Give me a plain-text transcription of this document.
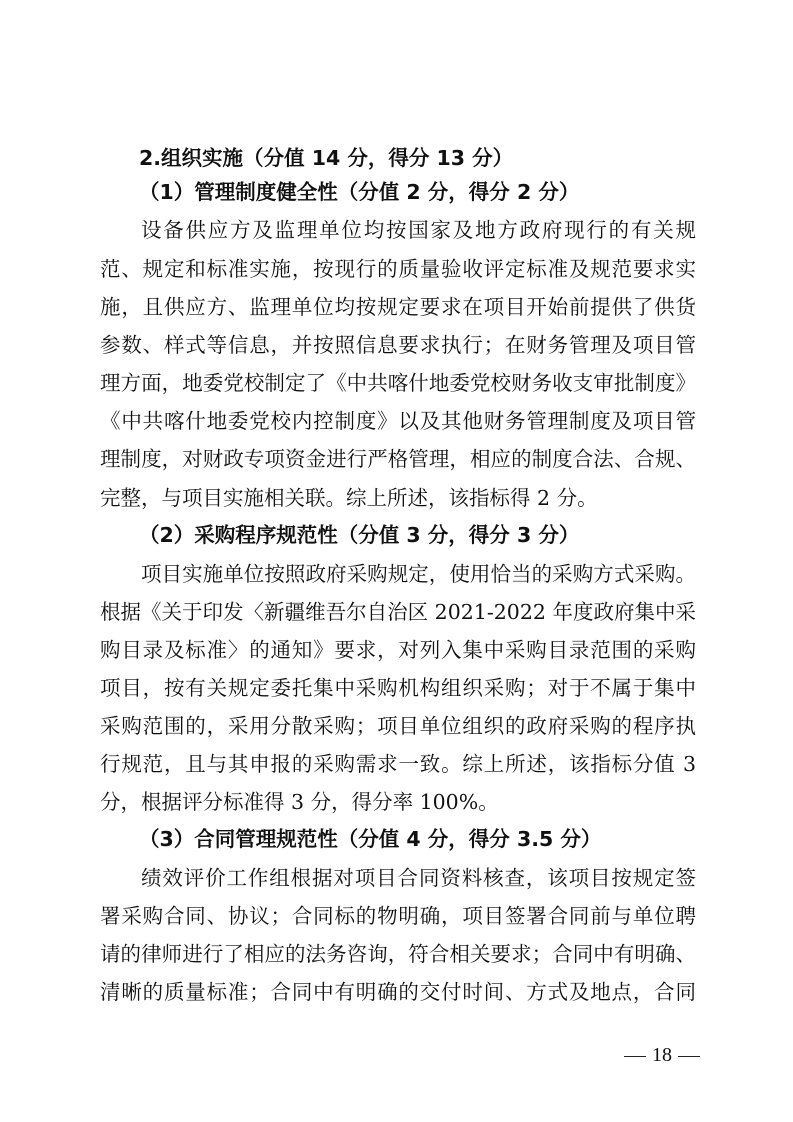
2.组织实施（分值 14 分，得分 13 分）
（1）管理制度健全性（分值 2 分，得分 2 分）
设备供应方及监理单位均按国家及地方政府现行的有关规
范、规定和标准实施，按现行的质量验收评定标准及规范要求实
施，且供应方、监理单位均按规定要求在项目开始前提供了供货
参数、样式等信息，并按照信息要求执行；在财务管理及项目管
理方面，地委党校制定了《中共喀什地委党校财务收支审批制度》
《中共喀什地委党校内控制度》以及其他财务管理制度及项目管
理制度，对财政专项资金进行严格管理，相应的制度合法、合规、
完整，与项目实施相关联。综上所述，该指标得 2 分。
（2）采购程序规范性（分值 3 分，得分 3 分）
项目实施单位按照政府采购规定，使用恰当的采购方式采购。
根据《关于印发〈新疆维吾尔自治区 2021-2022 年度政府集中采
购目录及标准〉的通知》要求，对列入集中采购目录范围的采购
项目，按有关规定委托集中采购机构组织采购；对于不属于集中
采购范围的，采用分散采购；项目单位组织的政府采购的程序执
行规范，且与其申报的采购需求一致。综上所述，该指标分值 3
分，根据评分标准得 3 分，得分率 100%。
（3）合同管理规范性（分值 4 分，得分 3.5 分）
绩效评价工作组根据对项目合同资料核查，该项目按规定签
署采购合同、协议；合同标的物明确，项目签署合同前与单位聘
请的律师进行了相应的法务咨询，符合相关要求；合同中有明确、
清晰的质量标准；合同中有明确的交付时间、方式及地点，合同
18
